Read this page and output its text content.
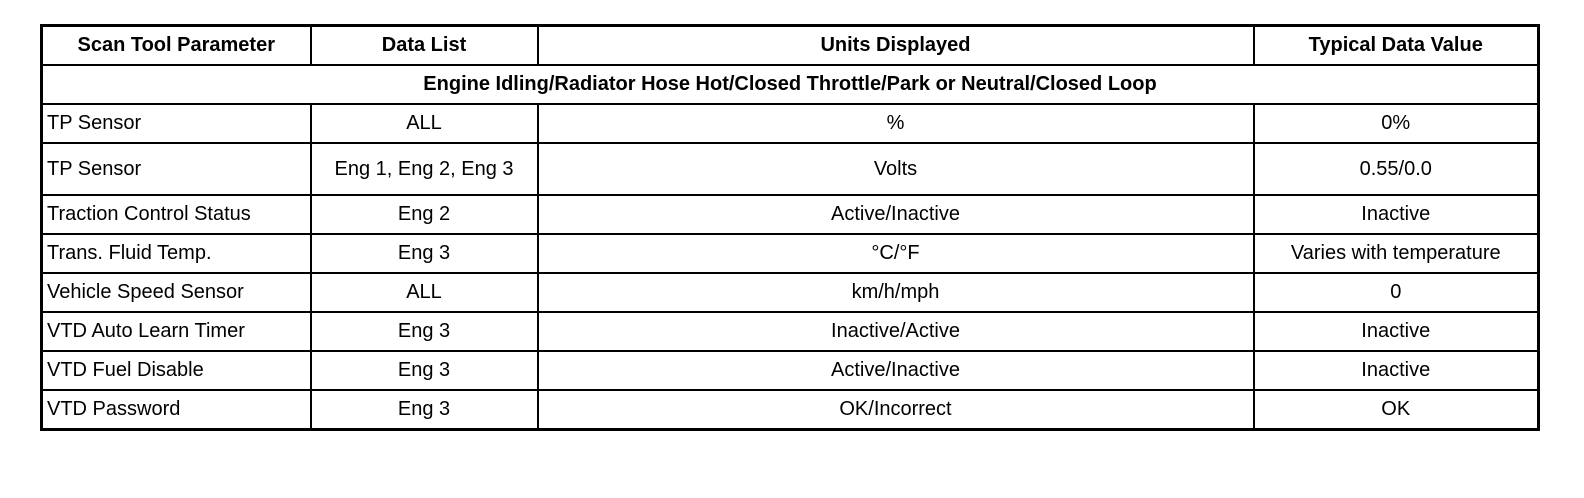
Scan Tool Parameter	Data List	Units Displayed	Typical Data Value
Engine Idling/Radiator Hose Hot/Closed Throttle/Park or Neutral/Closed Loop			
TP Sensor	ALL	%	0%
TP Sensor	Eng 1, Eng 2, Eng 3	Volts	0.55/0.0
Traction Control Status	Eng 2	Active/Inactive	Inactive
Trans. Fluid Temp.	Eng 3	°C/°F	Varies with temperature
Vehicle Speed Sensor	ALL	km/h/mph	0
VTD Auto Learn Timer	Eng 3	Inactive/Active	Inactive
VTD Fuel Disable	Eng 3	Active/Inactive	Inactive
VTD Password	Eng 3	OK/Incorrect	OK
